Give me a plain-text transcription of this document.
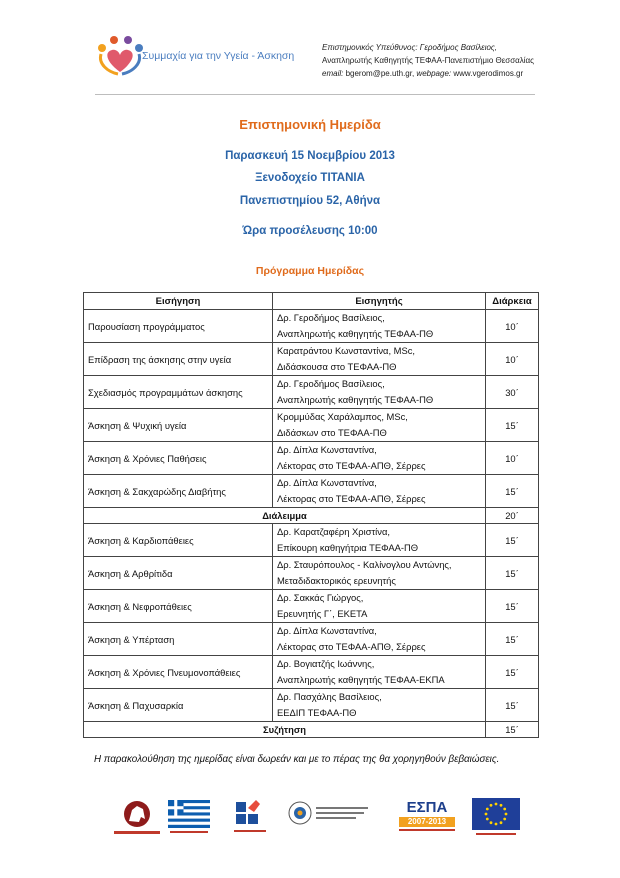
Συμμαχία για την Υγεία - Άσκηση
Επιστημονικός Υπεύθυνος: Γεροδήμος Βασίλειος,
Αναπληρωτής Καθηγητής ΤΕΦΑΑ-Πανεπιστήμιο Θεσσαλίας
email: bgerom@pe.uth.gr, webpage: www.vgerodimos.gr
Επιστημονική Ημερίδα
Παρασκευή 15 Νοεμβρίου 2013
Ξενοδοχείο ΤΙΤΑΝΙΑ
Πανεπιστημίου 52, Αθήνα
Ώρα προσέλευσης 10:00
Πρόγραμμα Ημερίδας
Εισήγηση	Εισηγητής	Διάρκεια
Παρουσίαση προγράμματος	Δρ. Γεροδήμος Βασίλειος,
Αναπληρωτής καθηγητής ΤΕΦΑΑ-ΠΘ	10΄
Επίδραση της άσκησης στην υγεία	Καρατράντου Κωνσταντίνα, MSc,
Διδάσκουσα στο ΤΕΦΑΑ-ΠΘ	10΄
Σχεδιασμός προγραμμάτων άσκησης	Δρ. Γεροδήμος Βασίλειος,
Αναπληρωτής καθηγητής ΤΕΦΑΑ-ΠΘ	30΄
Άσκηση & Ψυχική υγεία	Κρομμύδας Χαράλαμπος, MSc,
Διδάσκων στο ΤΕΦΑΑ-ΠΘ	15΄
Άσκηση & Χρόνιες Παθήσεις	Δρ. Δίπλα Κωνσταντίνα,
Λέκτορας στο ΤΕΦΑΑ-ΑΠΘ, Σέρρες	10΄
Άσκηση & Σακχαρώδης Διαβήτης	Δρ. Δίπλα Κωνσταντίνα,
Λέκτορας στο ΤΕΦΑΑ-ΑΠΘ, Σέρρες	15΄
Διάλειμμα		20΄
Άσκηση & Καρδιοπάθειες	Δρ. Καρατζαφέρη Χριστίνα,
Επίκουρη καθηγήτρια ΤΕΦΑΑ-ΠΘ	15΄
Άσκηση & Αρθρίτιδα	Δρ. Σταυρόπουλος - Καλίνογλου Αντώνης,
Μεταδιδακτορικός ερευνητής	15΄
Άσκηση & Νεφροπάθειες	Δρ. Σακκάς Γιώργος,
Ερευνητής Γ΄, ΕΚΕΤΑ	15΄
Άσκηση & Υπέρταση	Δρ. Δίπλα Κωνσταντίνα,
Λέκτορας στο ΤΕΦΑΑ-ΑΠΘ, Σέρρες	15΄
Άσκηση & Χρόνιες Πνευμονοπάθειες	Δρ. Βογιατζής Ιωάννης,
Αναπληρωτής καθηγητής ΤΕΦΑΑ-ΕΚΠΑ	15΄
Άσκηση & Παχυσαρκία	Δρ. Πασχάλης Βασίλειος,
ΕΕΔΙΠ ΤΕΦΑΑ-ΠΘ	15΄
Συζήτηση		15΄
Η παρακολούθηση της ημερίδας είναι δωρεάν και με το πέρας της θα χορηγηθούν βεβαιώσεις.
ΕΣΠΑ
2007-2013
